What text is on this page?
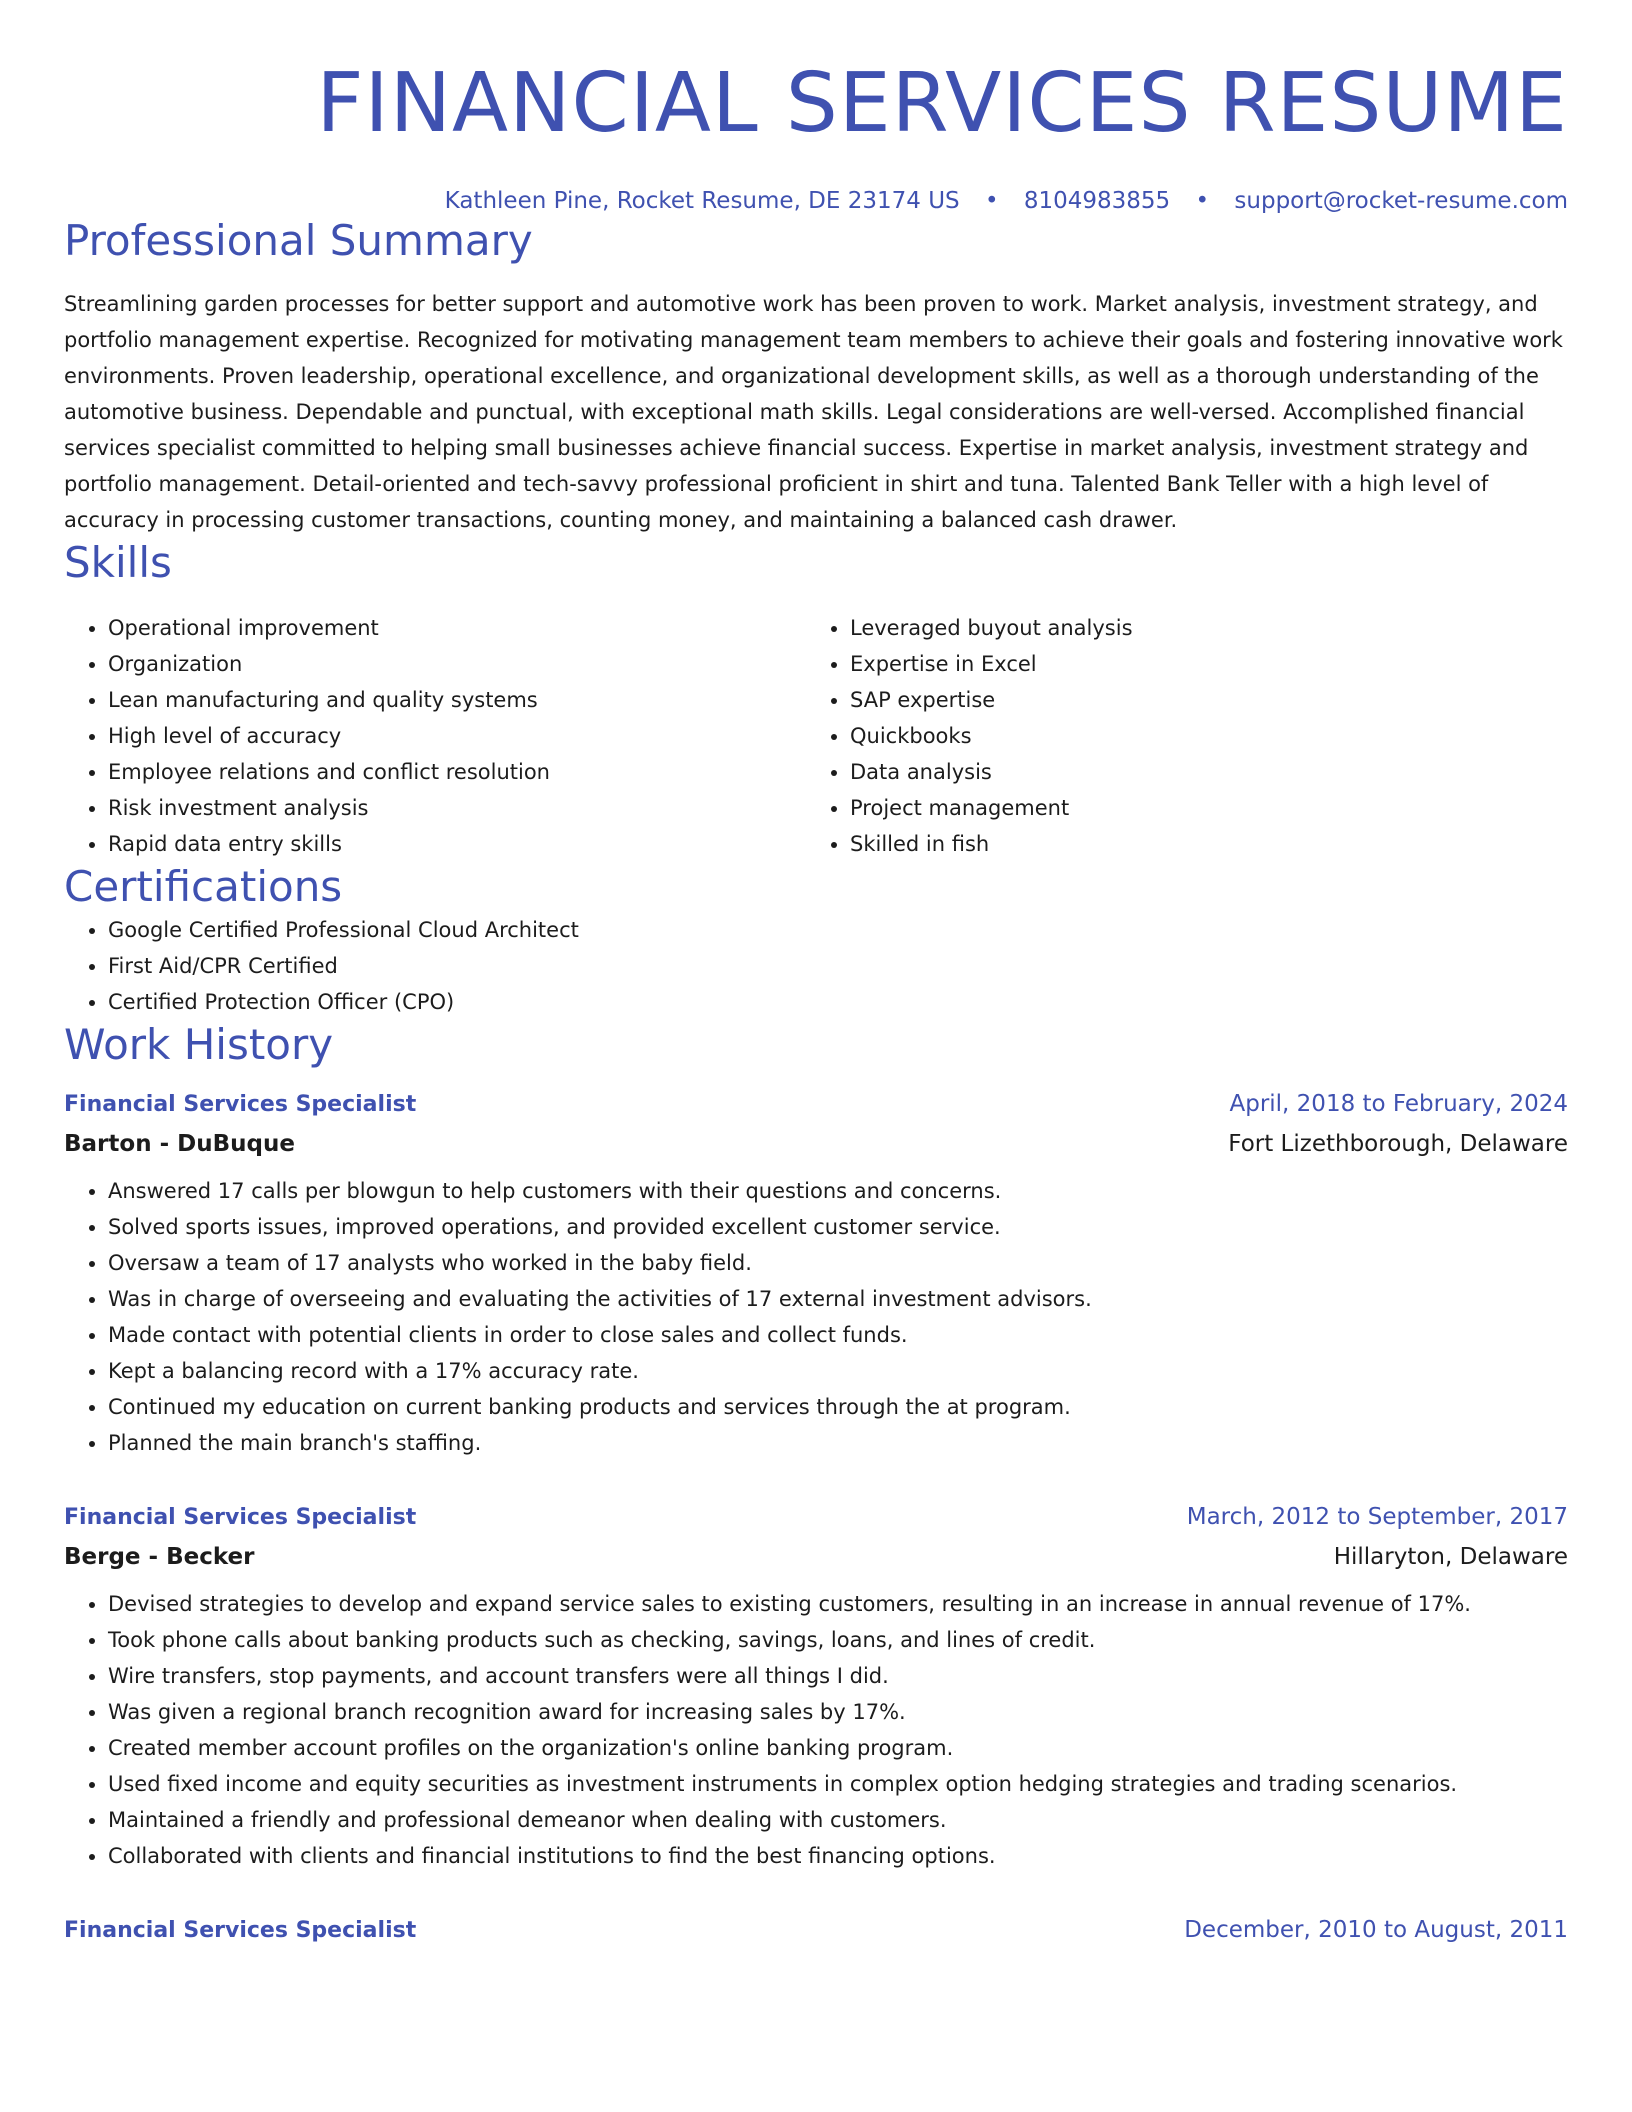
FINANCIAL SERVICES RESUME
Kathleen Pine, Rocket Resume, DE 23174 US • 8104983855 • support@rocket-resume.com
Professional Summary

Streamlining garden processes for better support and automotive work has been proven to work. Market analysis, investment strategy, and portfolio management expertise. Recognized for motivating management team members to achieve their goals and fostering innovative work environments. Proven leadership, operational excellence, and organizational development skills, as well as a thorough understanding of the automotive business. Dependable and punctual, with exceptional math skills. Legal considerations are well-versed. Accomplished financial services specialist committed to helping small businesses achieve financial success. Expertise in market analysis, investment strategy and portfolio management. Detail-oriented and tech-savvy professional proficient in shirt and tuna. Talented Bank Teller with a high level of accuracy in processing customer transactions, counting money, and maintaining a balanced cash drawer.

Skills
• Operational improvement
• Organization
• Lean manufacturing and quality systems
• High level of accuracy
• Employee relations and conflict resolution
• Risk investment analysis
• Rapid data entry skills
• Leveraged buyout analysis
• Expertise in Excel
• SAP expertise
• Quickbooks
• Data analysis
• Project management
• Skilled in fish
Certifications
• Google Certified Professional Cloud Architect
• First Aid/CPR Certified
• Certified Protection Officer (CPO)
Work History
Financial Services Specialist	April, 2018 to February, 2024
Barton - DuBuque	Fort Lizethborough, Delaware
• Answered 17 calls per blowgun to help customers with their questions and concerns.
• Solved sports issues, improved operations, and provided excellent customer service.
• Oversaw a team of 17 analysts who worked in the baby field.
• Was in charge of overseeing and evaluating the activities of 17 external investment advisors.
• Made contact with potential clients in order to close sales and collect funds.
• Kept a balancing record with a 17% accuracy rate.
• Continued my education on current banking products and services through the at program.
• Planned the main branch's staffing.
Financial Services Specialist	March, 2012 to September, 2017
Berge - Becker	Hillaryton, Delaware
• Devised strategies to develop and expand service sales to existing customers, resulting in an increase in annual revenue of 17%.
• Took phone calls about banking products such as checking, savings, loans, and lines of credit.
• Wire transfers, stop payments, and account transfers were all things I did.
• Was given a regional branch recognition award for increasing sales by 17%.
• Created member account profiles on the organization's online banking program.
• Used fixed income and equity securities as investment instruments in complex option hedging strategies and trading scenarios.
• Maintained a friendly and professional demeanor when dealing with customers.
• Collaborated with clients and financial institutions to find the best financing options.
Financial Services Specialist	December, 2010 to August, 2011
